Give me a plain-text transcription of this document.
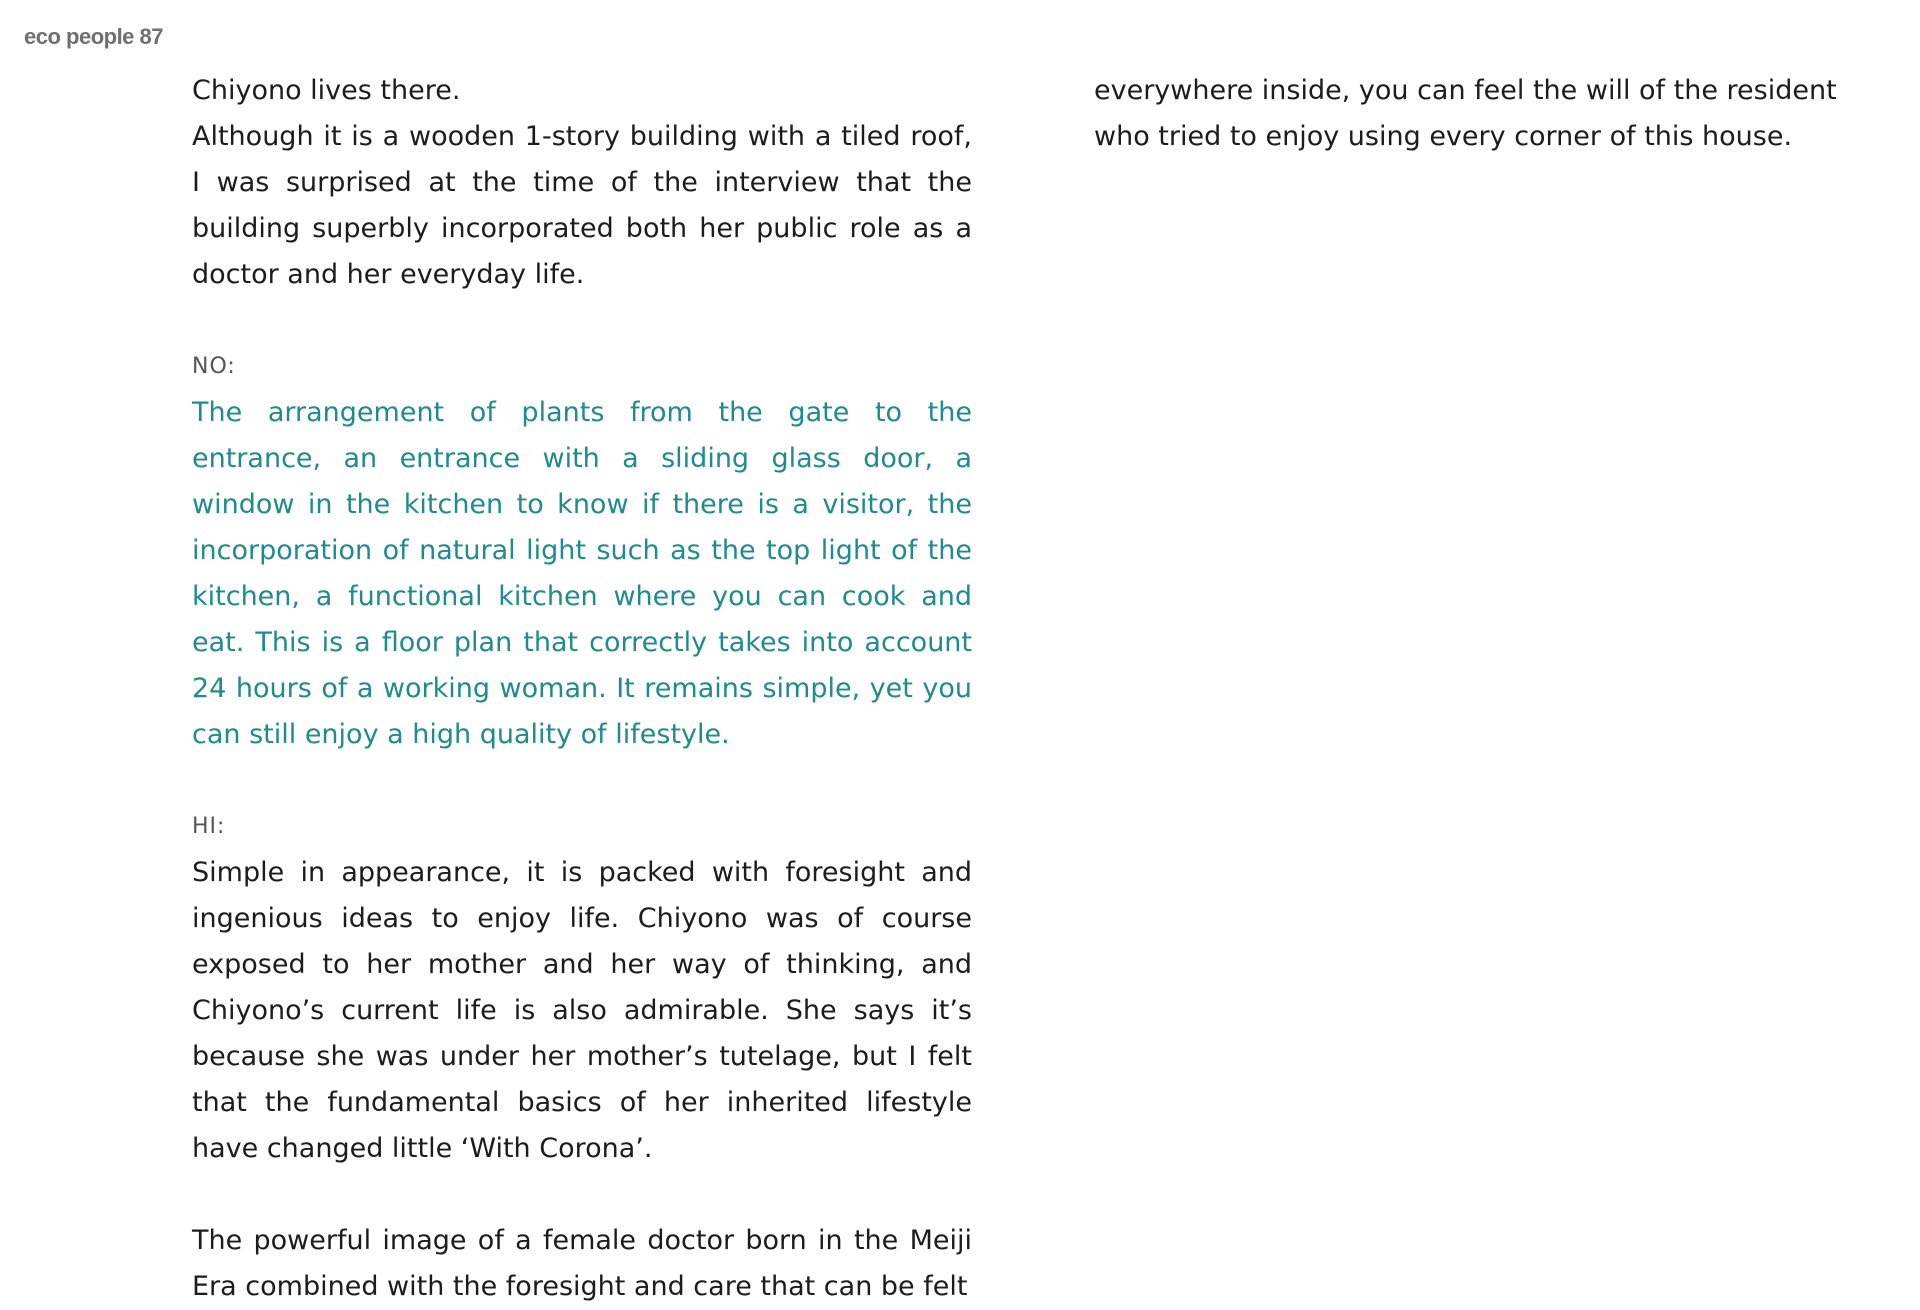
eco people 87

Chiyono lives there.

Although it is a wooden 1-story building with a tiled roof, I was surprised at the time of the interview that the building superbly incorporated both her public role as a doctor and her everyday life.

NO:

The arrangement of plants from the gate to the entrance, an entrance with a sliding glass door, a window in the kitchen to know if there is a visitor, the incorporation of natural light such as the top light of the kitchen, a functional kitchen where you can cook and eat. This is a floor plan that correctly takes into account 24 hours of a working woman. It remains simple, yet you can still enjoy a high quality of lifestyle.

HI:

Simple in appearance, it is packed with foresight and ingenious ideas to enjoy life. Chiyono was of course exposed to her mother and her way of thinking, and Chiyono’s current life is also admirable. She says it’s because she was under her mother’s tutelage, but I felt that the fundamental basics of her inherited lifestyle have changed little ‘With Corona’.

The powerful image of a female doctor born in the Meiji Era combined with the foresight and care that can be felt

everywhere inside, you can feel the will of the resident who tried to enjoy using every corner of this house.
